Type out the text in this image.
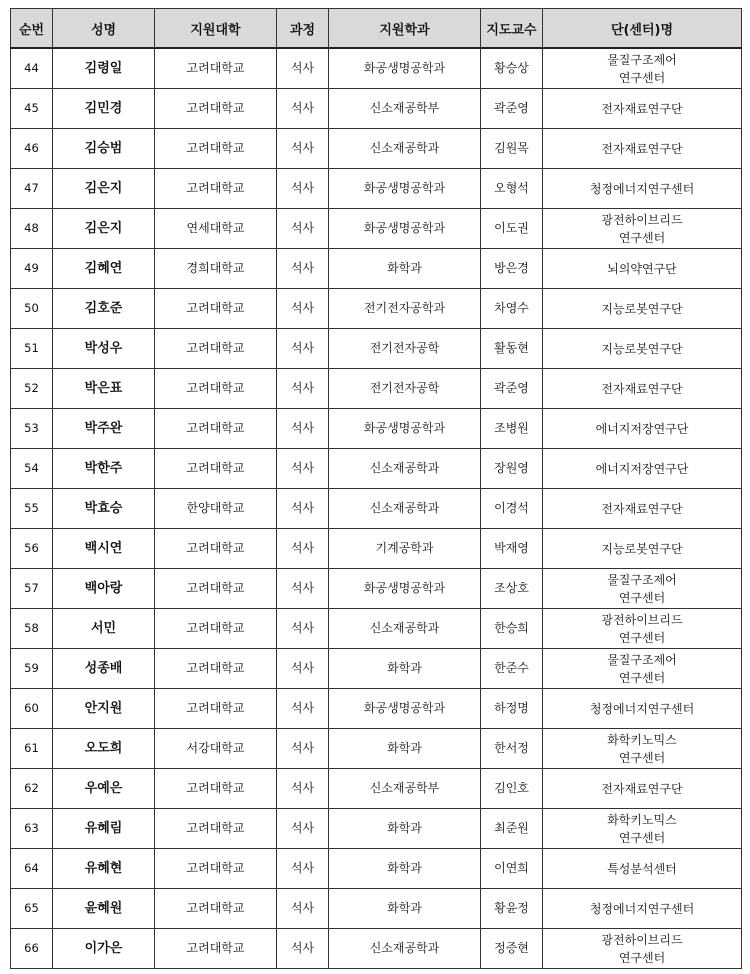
순번	성명	지원대학	과정	지원학과	지도교수	단(센터)명
44	김령일	고려대학교	석사	화공생명공학과	황승상	물질구조제어
연구센터
45	김민경	고려대학교	석사	신소재공학부	곽준영	전자재료연구단
46	김승범	고려대학교	석사	신소재공학과	김원목	전자재료연구단
47	김은지	고려대학교	석사	화공생명공학과	오형석	청정에너지연구센터
48	김은지	연세대학교	석사	화공생명공학과	이도권	광전하이브리드
연구센터
49	김혜연	경희대학교	석사	화학과	방은경	뇌의약연구단
50	김호준	고려대학교	석사	전기전자공학과	차영수	지능로봇연구단
51	박성우	고려대학교	석사	전기전자공학	활동현	지능로봇연구단
52	박은표	고려대학교	석사	전기전자공학	곽준영	전자재료연구단
53	박주완	고려대학교	석사	화공생명공학과	조병원	에너지저장연구단
54	박한주	고려대학교	석사	신소재공학과	장원영	에너지저장연구단
55	박효승	한양대학교	석사	신소재공학과	이경석	전자재료연구단
56	백시연	고려대학교	석사	기계공학과	박재영	지능로봇연구단
57	백아랑	고려대학교	석사	화공생명공학과	조상호	물질구조제어
연구센터
58	서민	고려대학교	석사	신소재공학과	한승희	광전하이브리드
연구센터
59	성종배	고려대학교	석사	화학과	한준수	물질구조제어
연구센터
60	안지원	고려대학교	석사	화공생명공학과	하정명	청정에너지연구센터
61	오도희	서강대학교	석사	화학과	한서정	화학키노믹스
연구센터
62	우예은	고려대학교	석사	신소재공학부	김인호	전자재료연구단
63	유혜림	고려대학교	석사	화학과	최준원	화학키노믹스
연구센터
64	유혜현	고려대학교	석사	화학과	이연희	특성분석센터
65	윤혜원	고려대학교	석사	화학과	황윤정	청정에너지연구센터
66	이가은	고려대학교	석사	신소재공학과	정증현	광전하이브리드
연구센터
